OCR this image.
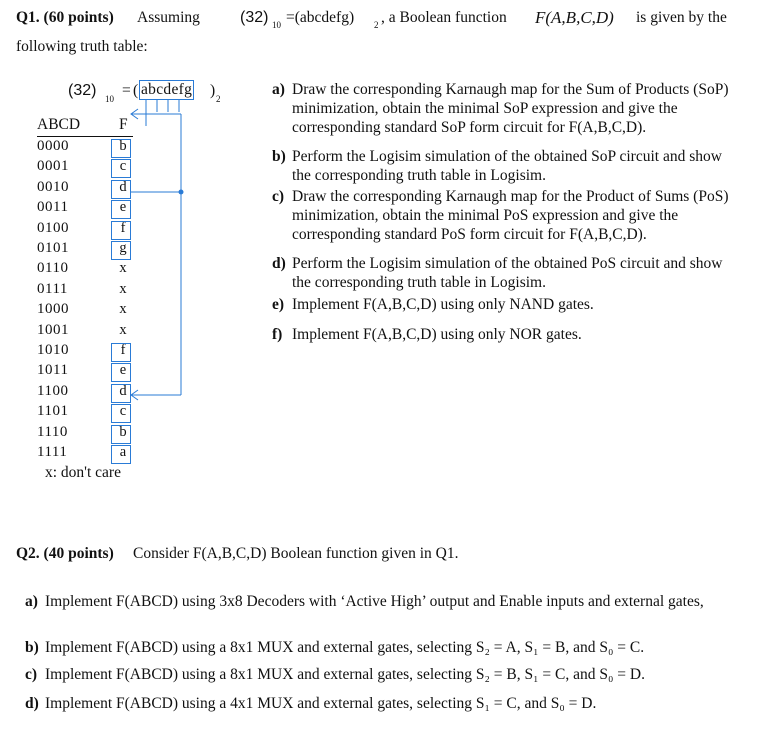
Q1. (60 points) Assuming	(32) 10 =(abcdefg) 2 , a Boolean function F(A,B,C,D) is given by the
following truth table:
(32) 10 = ( abcdefg ) 2
ABCD	F
0000	b
0001	c
0010	d
0011	e
0100	f
0101	g
0110	x
0111	x
1000	x
1001	x
1010	f
1011	e
1100	d
1101	c
1110	b
1111	a
x: don't care
a) Draw the corresponding Karnaugh map for the Sum of Products (SoP) minimization, obtain the minimal SoP expression and give the corresponding standard SoP form circuit for F(A,B,C,D).
b) Perform the Logisim simulation of the obtained SoP circuit and show the corresponding truth table in Logisim.
c) Draw the corresponding Karnaugh map for the Product of Sums (PoS) minimization, obtain the minimal PoS expression and give the corresponding standard PoS form circuit for F(A,B,C,D).
d) Perform the Logisim simulation of the obtained PoS circuit and show the corresponding truth table in Logisim.
e) Implement F(A,B,C,D) using only NAND gates.
f) Implement F(A,B,C,D) using only NOR gates.
Q2. (40 points) Consider F(A,B,C,D) Boolean function given in Q1.
a) Implement F(ABCD) using 3x8 Decoders with ‘Active High’ output and Enable inputs and external gates,
b) Implement F(ABCD) using a 8x1 MUX and external gates, selecting S₂ = A, S₁ = B, and S₀ = C.
c) Implement F(ABCD) using a 8x1 MUX and external gates, selecting S₂ = B, S₁ = C, and S₀ = D.
d) Implement F(ABCD) using a 4x1 MUX and external gates, selecting S₁ = C, and S₀ = D.
